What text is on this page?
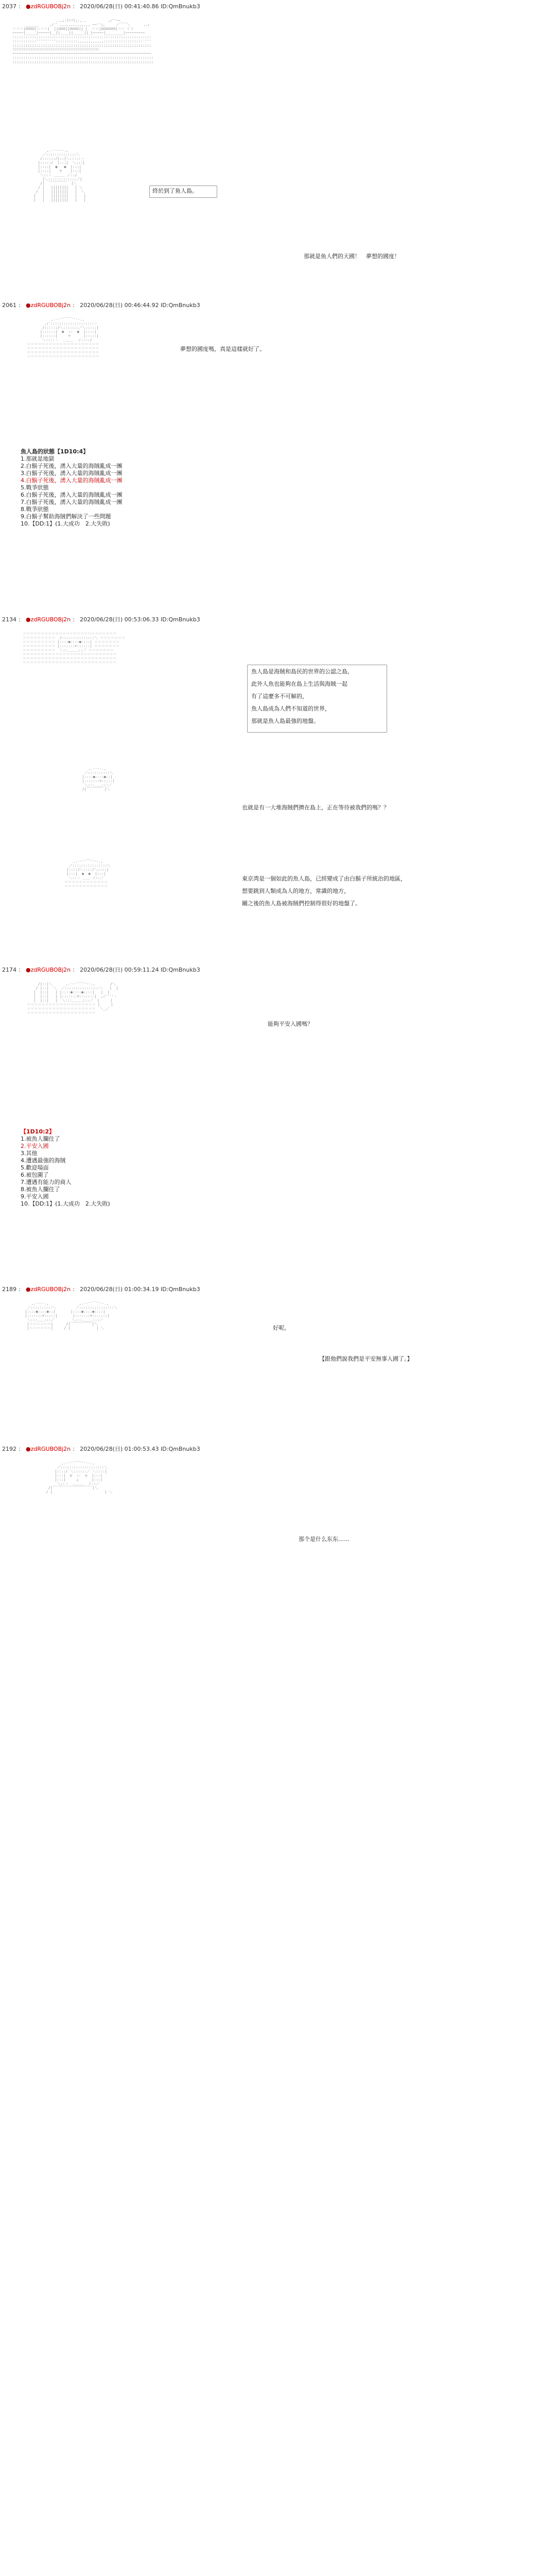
2037 ： ●zdRGUBOBj2n ： 2020/06/28(日) 00:41:40.86 ID:QmBnukb3

..,;:l!!l;:,..          ,ｨ''~~
______     ,ｨ'' ,,,,,,,,,,,,,, ~~''ｨ,     ／￣￣＼      ,.ｨ
＝＝＝|ﾛﾛﾛﾛﾛ|＝＝＝|  ||ﾛﾛﾛﾛ||ﾛﾛﾛﾛﾛ|| |  ＝＝|ﾛﾛﾛﾛﾛﾛﾛﾛ|＝＝ ﾐ ﾐ
~~~~~|_____|~~~~~|__||____||_____||_|~~~~~|________|~~~~~~~~~
::::::::::::::::::::::::::::::::::::::::::::::::::::::::::::::::
:::::::::::'''''''''::::::::::,,,,,,,,,,,,::::::::::::::::::''''
;;;;;;;;;;;;;;;;;;;;;;;;;;;;;;;;;;;;;;;;;;;;;;;;;;;;;;;;;;;;;;;;
ﾐﾐﾐﾐﾐﾐﾐﾐﾐﾐﾐﾐﾐﾐﾐﾐﾐﾐﾐﾐﾐﾐﾐﾐﾐﾐﾐﾐﾐﾐﾐﾐﾐﾐﾐﾐﾐﾐﾐﾐﾐﾐﾐﾐﾐﾐﾐﾐ
~~~~~~~~~~~~~~~~~~~~~~~~~~~~~~~~~~~~~~~~~~~~~~~~~~~~~~~~~~~~~~~~
:::::::::::::::::::::::::::::::::::::::::::::::::::::::::::::::::
;;;;;;;;;;;;;;;;;;;;;;;;;;;;;;;;;;;;;;;;;;;;;;;;;;;;;;;;;;;;;;;;;

,.--‐‐--.,
／::::::::::::::＼
/::::::/|::|＼:::::ヽ
|:::::/  |:::|  ＼:::|
|::::|  ●   ●  |:::|
|::::|    ▽    |:::|
＼::ヽ ＿＿＿ ／::/
|＼:::::::::::::／|
/|  ￣￣￣￣￣  |＼
/ |   ||||||||   | ＼
/  |   ||||||||   |  ＼
|   |   ||||||||   |   |
|   |   ||||||||   |   |

終於到了鱼人島。
那就是鱼人們的天國！　夢想的國度！
2061 ： ●zdRGUBOBj2n ： 2020/06/28(日) 00:46:44.92 ID:QmBnukb3

,.-‐''￣￣''‐-.,
,ｨ'::::::::::::::::::::ヽ
/::::::/＼:::::::／＼:::::|
|::::::|  ●  ::  ●  |::::|
|::::::|     ▽      |:::::|
＼::::ヽ  ＿＿＿  ノ::::/
＝＝＝＝＝＝＝＝＝＝＝＝＝＝＝＝＝＝＝＝
＝＝＝＝＝＝＝＝＝＝＝＝＝＝＝＝＝＝＝＝
＝＝＝＝＝＝＝＝＝＝＝＝＝＝＝＝＝＝＝＝
＝＝＝＝＝＝＝＝＝＝＝＝＝＝＝＝＝＝＝＝

夢想的國度嗎，真是這樣就好了。
魚人島的狀態【1D10:4】
1.那就是地獄
2.白鬍子死後，湧入大量的海賊亂成一團
3.白鬍子死後，湧入大量的海賊亂成一團
4.白鬍子死後，湧入大量的海賊亂成一團
5.戰爭狀態
6.白鬍子死後，湧入大量的海賊亂成一團
7.白鬍子死後，湧入大量的海賊亂成一團
8.戰爭狀態
9.白鬍子幫助海賊們解決了一些問題
10.【DD:1】(1.大成功　2.大失敗)
2134 ： ●zdRGUBOBj2n ： 2020/06/28(日) 00:53:06.33 ID:QmBnukb3

＝＝＝＝＝＝＝＝＝＝＝＝＝＝＝＝＝＝＝＝＝＝＝＝＝＝
＝＝＝＝＝＝＝＝＝  /:::::::::::::::＼ ＝＝＝＝＝＝＝
＝＝＝＝＝＝＝＝＝ |::::●::::●::::| ＝＝＝＝＝＝＝
＝＝＝＝＝＝＝＝＝ |:::::::▽::::::| ＝＝＝＝＝＝＝
＝＝＝＝＝＝＝＝＝  ＼::＿＿＿::／ ＝＝＝＝＝＝＝
＝＝＝＝＝＝＝＝＝＝＝＝＝＝＝＝＝＝＝＝＝＝＝＝＝＝
＝＝＝＝＝＝＝＝＝＝＝＝＝＝＝＝＝＝＝＝＝＝＝＝＝＝
＝＝＝＝＝＝＝＝＝＝＝＝＝＝＝＝＝＝＝＝＝＝＝＝＝＝

魚人島是海賊和島民的世界的公認之島，
此外人魚也能夠在島上生活與海賊一起
有了這麼多不可解的，
魚人島成為人們不知道的世界，
那就是魚人島最強的地盤。

,.-‐‐-.,
／::::::::::＼
|::::●::::●::|
|:::::::▽:::::|
＼:::＿＿:::／
/|￣￣￣￣￣|＼

也就是有一大堆海賊們擠在島上，正在等待被我們的嗎？？

,.-‐''￣''‐-.,
／::::::::::::::::＼
|::::/＼::::/＼::::|
|:::|  ●  ●  |:::|
＼::ヽ ＿＿ ノ::／
＝＝＝＝＝＝＝＝＝＝＝＝
＝＝＝＝＝＝＝＝＝＝＝＝

東京湾是一個如此的魚人島，已經變成了由白鬍子所統治的地區，
想要跳到人類成為人的地方，常識的地方，
關之後的魚人島被海賊們控制得很好的地盤了。
2174 ： ●zdRGUBOBj2n ： 2020/06/28(日) 00:59:11.24 ID:QmBnukb3

/|::|＼      ,.-‐''￣''‐-.,       /＼
/ |::|  ＼  ／::::::::::::::::＼   |  |
|  |::|   | |::::●::::●::::|   |  |
|  |::|   | |:::::::▽:::::::|  ,ｨ''''ヽ
|  |::|   |  ＼:::＿＿＿:::／  |     |
＝＝＝＝＝＝＝＝＝＝＝＝＝＝＝＝＝＝＝ |     |
＝＝＝＝＝＝＝＝＝＝＝＝＝＝＝＝＝＝＝  ＼_／
＝＝＝＝＝＝＝＝＝＝＝＝＝＝＝＝＝＝＝

能夠平安入國嗎？
【1D10:2】
1.被魚人攔住了
2.平安入國
3.其他
4.遭遇最強的海賊
5.歡迎場面
6.被包圍了
7.遭遇有能力的商人
8.被魚人攔住了
9.平安入國
10.【DD:1】(1.大成功　2.大失敗)
2189 ： ●zdRGUBOBj2n ： 2020/06/28(日) 01:00:34.19 ID:QmBnukb3

,.-‐‐-.,              ,.-‐''￣''‐-.,
／::::::::::＼         ／::::::::::::::::＼
|::::●::::●::|       |::::●::::●::::|
|:::::::▽:::::|       |:::::::▽:::::::|
＼:::＿＿:::／        ＼:::＿＿＿:::／
|＝＝＝＝＝＝|      /|￣￣￣￣￣￣|＼
|＝＝＝＝＝＝|     / |            | ＼
	好呢。
【跟他們說我們是平安無事入國了。】
2192 ： ●zdRGUBOBj2n ： 2020/06/28(日) 01:00:53.43 ID:QmBnukb3

,.-‐''￣￣''‐-.,
／::::::::::::::::::::＼
|::::/ ＼::::::／ ＼::::|
|:::|  ◎  ::  ◎  |:::|
|:::|     △      |:::|
＼::ヽ  ＿＿＿  ノ::／
/|￣￣￣￣￣￣￣￣￣￣￣|＼
/ |                        | ＼

那个是什么东东……
